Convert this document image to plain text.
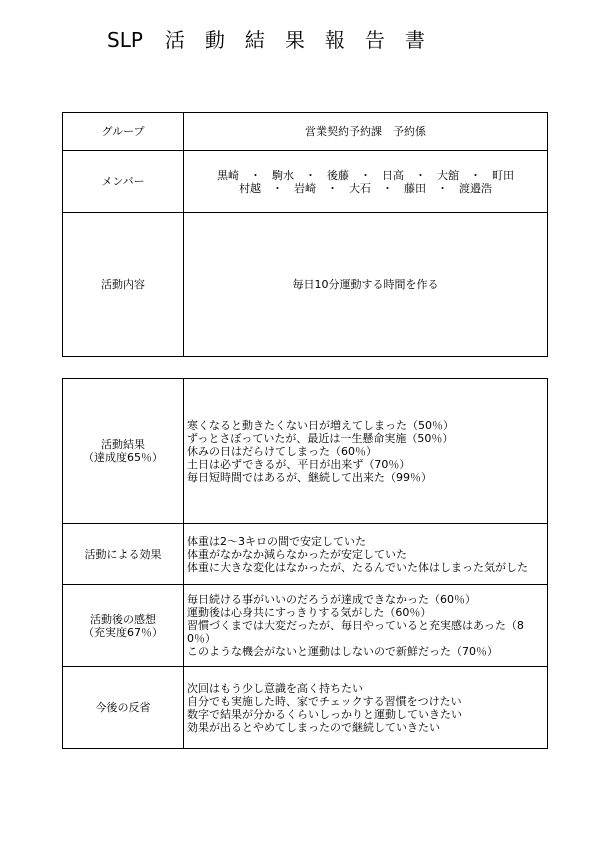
SLP 活 動 結 果 報 告 書
グループ	営業契約予約課　予約係
メンバー	黒崎　・　駒水　・　後藤　・　日高　・　大舘　・　町田
村越　・　岩崎　・　大石　・　藤田　・　渡邉浩

活動内容	毎日10分運動する時間を作る
活動結果
（達成度65％）	寒くなると動きたくない日が増えてしまった（50％）
ずっとさぼっていたが、最近は一生懸命実施（50％）
休みの日はだらけてしまった（60％）
土日は必ずできるが、平日が出来ず（70％）
毎日短時間ではあるが、継続して出来た（99％）

活動による効果	体重は2～3キロの間で安定していた
体重がなかなか減らなかったが安定していた
体重に大きな変化はなかったが、たるんでいた体はしまった気がした

活動後の感想
（充実度67％）	毎日続ける事がいいのだろうが達成できなかった（60％）
運動後は心身共にすっきりする気がした（60％）
習慣づくまでは大変だったが、毎日やっていると充実感はあった（80％）
このような機会がないと運動はしないので新鮮だった（70％）

今後の反省	次回はもう少し意識を高く持ちたい
自分でも実施した時、家でチェックする習慣をつけたい
数字で結果が分かるくらいしっかりと運動していきたい
効果が出るとやめてしまったので継続していきたい
